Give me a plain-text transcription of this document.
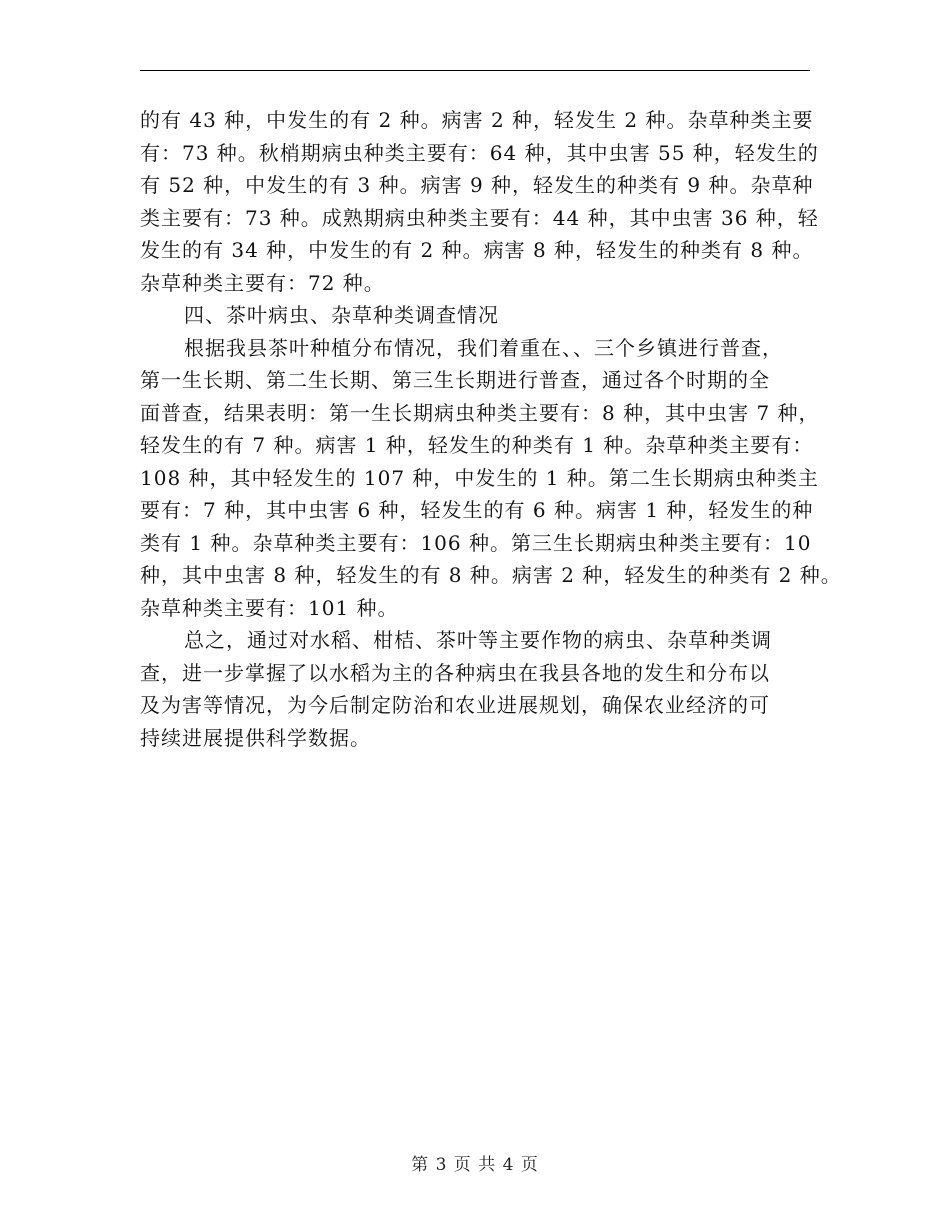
的有 43 种，中发生的有 2 种。病害 2 种，轻发生 2 种。杂草种类主要
有：73 种。秋梢期病虫种类主要有：64 种，其中虫害 55 种，轻发生的
有 52 种，中发生的有 3 种。病害 9 种，轻发生的种类有 9 种。杂草种
类主要有：73 种。成熟期病虫种类主要有：44 种，其中虫害 36 种，轻
发生的有 34 种，中发生的有 2 种。病害 8 种，轻发生的种类有 8 种。
杂草种类主要有：72 种。
四、茶叶病虫、杂草种类调查情况
根据我县茶叶种植分布情况，我们着重在、、三个乡镇进行普查，
第一生长期、第二生长期、第三生长期进行普查，通过各个时期的全
面普查，结果表明：第一生长期病虫种类主要有：8 种，其中虫害 7 种，
轻发生的有 7 种。病害 1 种，轻发生的种类有 1 种。杂草种类主要有：
108 种，其中轻发生的 107 种，中发生的 1 种。第二生长期病虫种类主
要有：7 种，其中虫害 6 种，轻发生的有 6 种。病害 1 种，轻发生的种
类有 1 种。杂草种类主要有：106 种。第三生长期病虫种类主要有：10
种，其中虫害 8 种，轻发生的有 8 种。病害 2 种，轻发生的种类有 2 种。
杂草种类主要有：101 种。
总之，通过对水稻、柑桔、茶叶等主要作物的病虫、杂草种类调
查，进一步掌握了以水稻为主的各种病虫在我县各地的发生和分布以
及为害等情况，为今后制定防治和农业进展规划，确保农业经济的可
持续进展提供科学数据。
第 3 页 共 4 页
